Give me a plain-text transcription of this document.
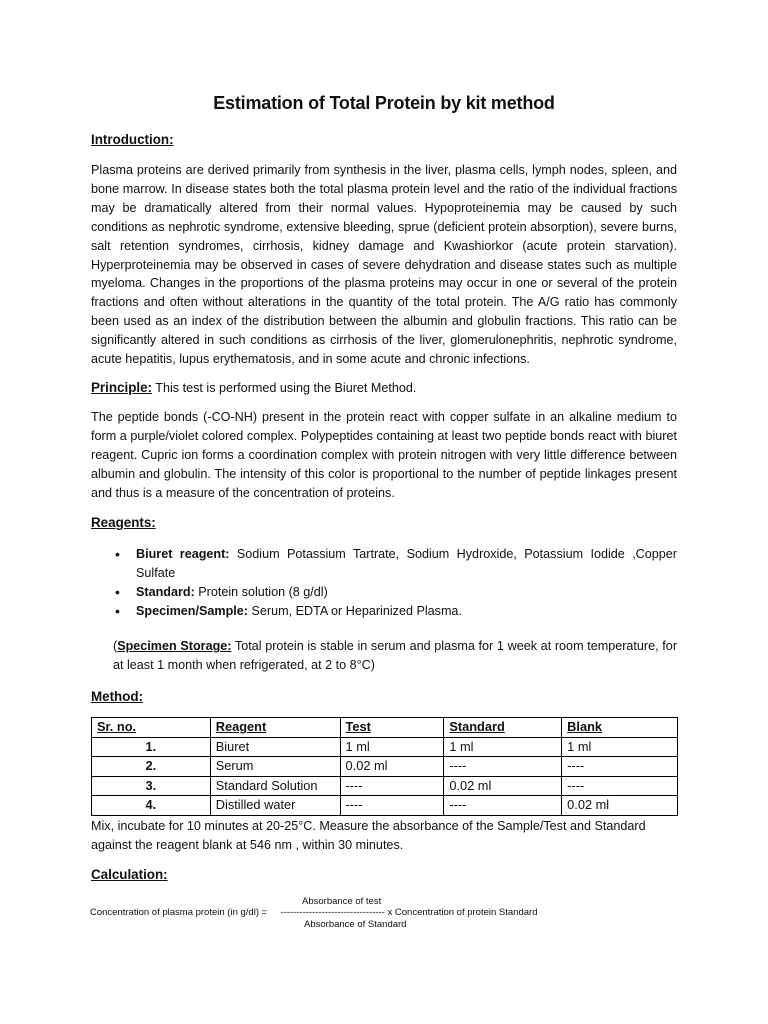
Estimation of Total Protein by kit method
Introduction:

Plasma proteins are derived primarily from synthesis in the liver, plasma cells, lymph nodes, spleen, and bone marrow. In disease states both the total plasma protein level and the ratio of the individual fractions may be dramatically altered from their normal values. Hypoproteinemia may be caused by such conditions as nephrotic syndrome, extensive bleeding, sprue (deficient protein absorption), severe burns, salt retention syndromes, cirrhosis, kidney damage and Kwashiorkor (acute protein starvation). Hyperproteinemia may be observed in cases of severe dehydration and disease states such as multiple myeloma. Changes in the proportions of the plasma proteins may occur in one or several of the protein fractions and often without alterations in the quantity of the total protein. The A/G ratio has commonly been used as an index of the distribution between the albumin and globulin fractions. This ratio can be significantly altered in such conditions as cirrhosis of the liver, glomerulonephritis, nephrotic syndrome, acute hepatitis, lupus erythematosis, and in some acute and chronic infections.

Principle: This test is performed using the Biuret Method.

The peptide bonds (-CO-NH) present in the protein react with copper sulfate in an alkaline medium to form a purple/violet colored complex. Polypeptides containing at least two peptide bonds react with biuret reagent. Cupric ion forms a coordination complex with protein nitrogen with very little difference between albumin and globulin. The intensity of this color is proportional to the number of peptide linkages present and thus is a measure of the concentration of proteins.

Reagents:
• Biuret reagent: Sodium Potassium Tartrate, Sodium Hydroxide, Potassium Iodide ,Copper Sulfate
• Standard: Protein solution (8 g/dl)
• Specimen/Sample: Serum, EDTA or Heparinized Plasma.

(Specimen Storage: Total protein is stable in serum and plasma for 1 week at room temperature, for at least 1 month when refrigerated, at 2 to 8°C)

Method:
Sr. no.	Reagent	Test	Standard	Blank
1.	Biuret	1 ml	1 ml	1 ml
2.	Serum	0.02 ml	----	----
3.	Standard Solution	----	0.02 ml	----
4.	Distilled water	----	----	0.02 ml

Mix, incubate for 10 minutes at 20-25°C. Measure the absorbance of the Sample/Test and Standard against the reagent blank at 546 nm , within 30 minutes.

Calculation:
Absorbance of test
Concentration of plasma protein (in g/dl) = --------------------------------- x Concentration of protein Standard
Absorbance of Standard
